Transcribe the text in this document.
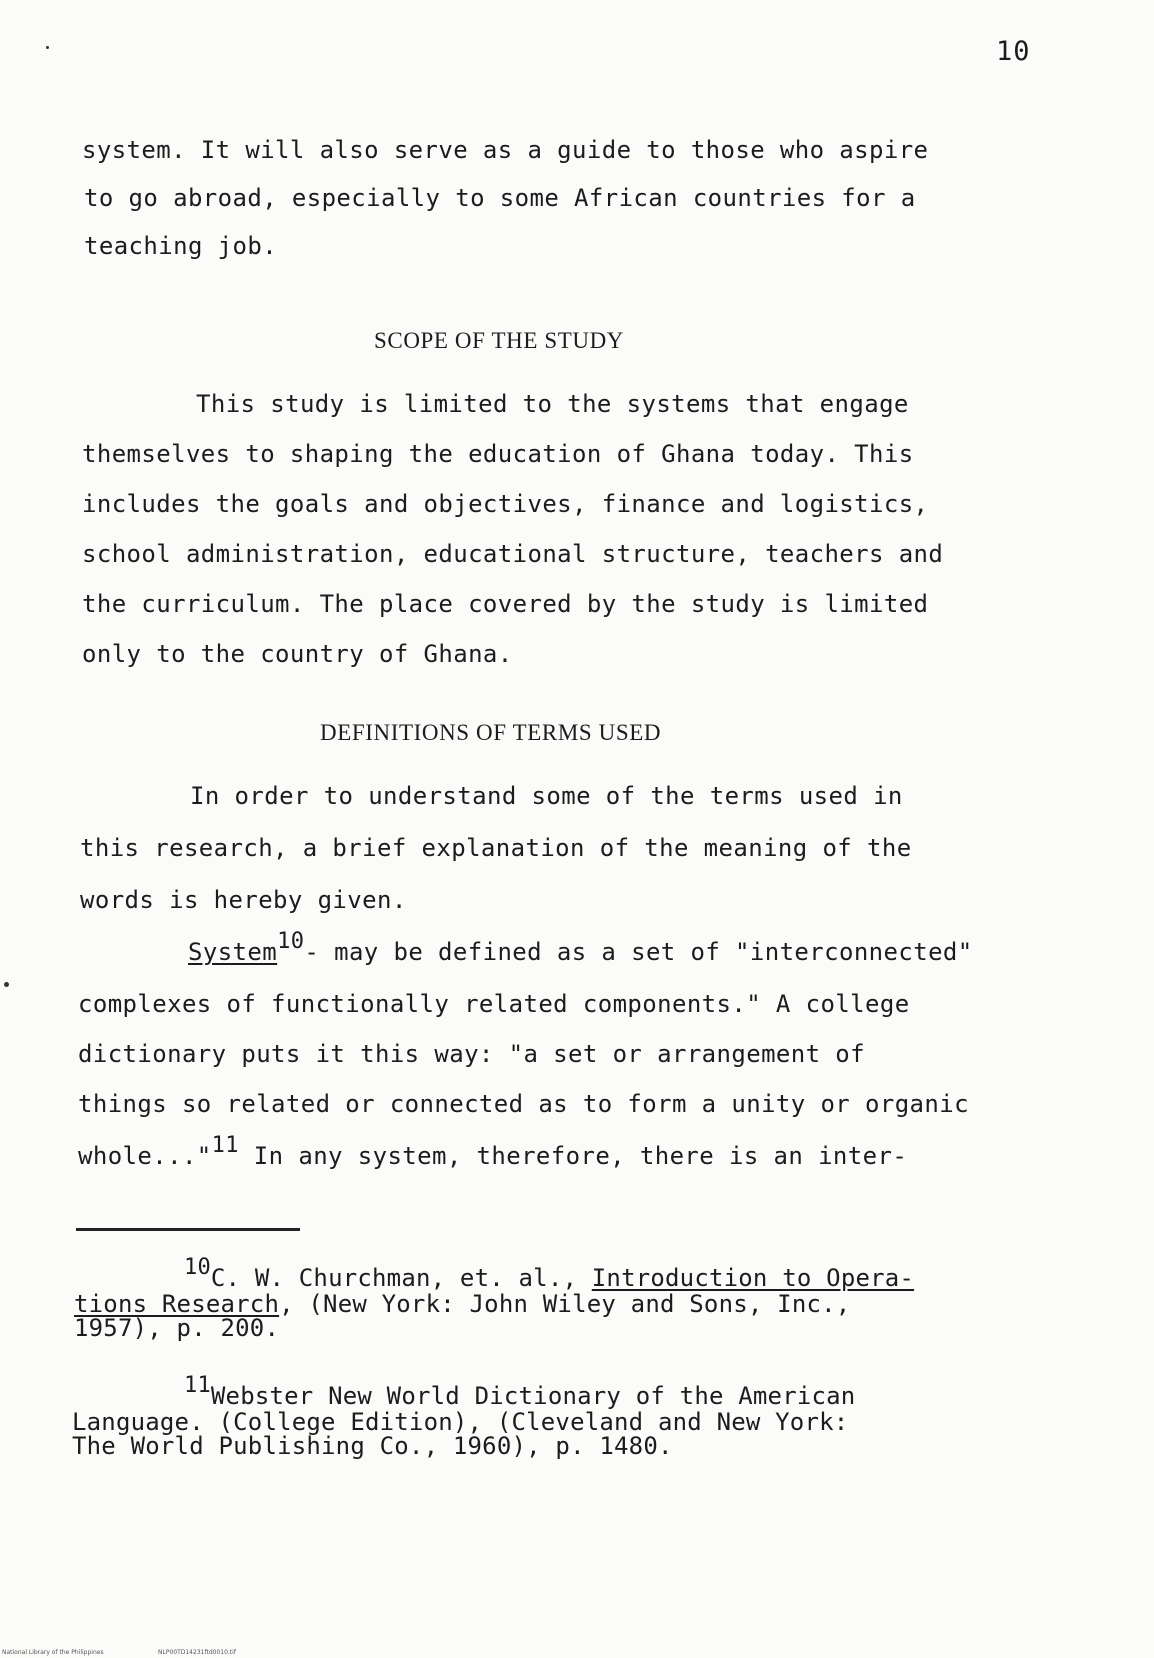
10
system. It will also serve as a guide to those who aspire
to go abroad, especially to some African countries for a
teaching job.
SCOPE OF THE STUDY
This study is limited to the systems that engage
themselves to shaping the education of Ghana today. This
includes the goals and objectives, finance and logistics,
school administration, educational structure, teachers and
the curriculum. The place covered by the study is limited
only to the country of Ghana.
DEFINITIONS OF TERMS USED
In order to understand some of the terms used in
this research, a brief explanation of the meaning of the
words is hereby given.
System$^{10}$- may be defined as a set of "interconnected"
complexes of functionally related components." A college
dictionary puts it this way: "a set or arrangement of
things so related or connected as to form a unity or organic
whole..."$^{11}$ In any system, therefore, there is an inter-
$^{10}$C. W. Churchman, et. al., Introduction to Opera-
tions Research, (New York: John Wiley and Sons, Inc.,
1957), p. 200.
$^{11}$Webster New World Dictionary of the American
Language. (College Edition), (Cleveland and New York:
The World Publishing Co., 1960), p. 1480.
National Library of the Philippines	NLP00TD14231ftd0010.tif
